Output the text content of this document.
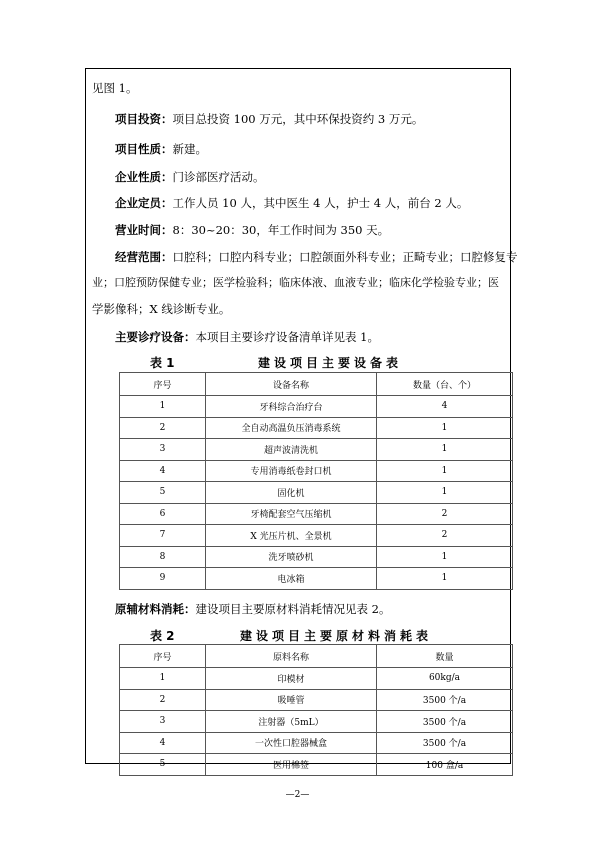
见图 1。
项目投资：项目总投资 100 万元，其中环保投资约 3 万元。
项目性质：新建。
企业性质：门诊部医疗活动。
企业定员：工作人员 10 人，其中医生 4 人，护士 4 人，前台 2 人。
营业时间：8：30~20：30，年工作时间为 350 天。
经营范围：口腔科；口腔内科专业；口腔颌面外科专业；正畸专业；口腔修复专
业；口腔预防保健专业；医学检验科；临床体液、血液专业；临床化学检验专业；医
学影像科；X 线诊断专业。
主要诊疗设备：本项目主要诊疗设备清单详见表 1。
表 1	建设项目主要设备表
序号	设备名称	数量（台、个）
1	牙科综合治疗台	4
2	全自动高温负压消毒系统	1
3	超声波清洗机	1
4	专用消毒纸卷封口机	1
5	固化机	1
6	牙椅配套空气压缩机	2
7	X 光压片机、全景机	2
8	洗牙喷砂机	1
9	电冰箱	1
原辅材料消耗：建设项目主要原材料消耗情况见表 2。
表 2	建设项目主要原材料消耗表
序号	原料名称	数量
1	印模材	60kg/a
2	吸唾管	3500 个/a
3	注射器（5mL）	3500 个/a
4	一次性口腔器械盒	3500 个/a
5	医用棉签	100 盒/a
—2—
